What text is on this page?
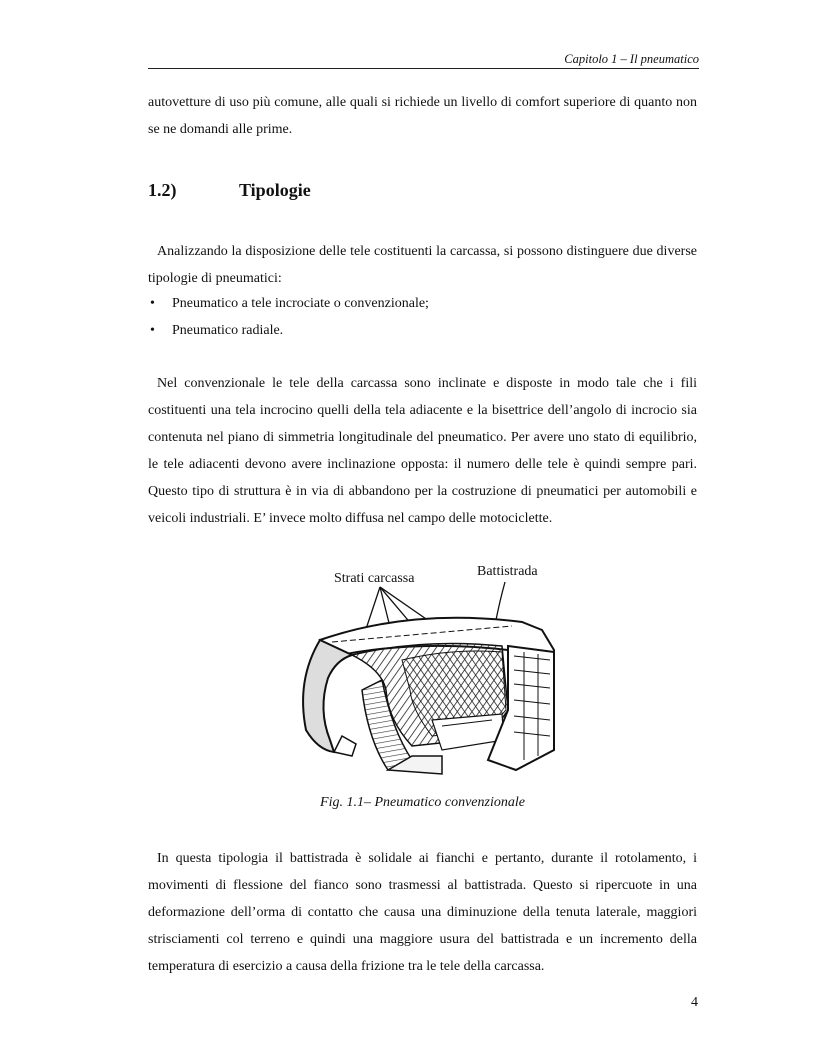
Capitolo 1 – Il pneumatico

autovetture di uso più comune, alle quali si richiede un livello di comfort superiore di quanto non se ne domandi alle prime.

1.2)	Tipologie

Analizzando la disposizione delle tele costituenti la carcassa, si possono distinguere due diverse tipologie di pneumatici:

• Pneumatico a tele incrociate o convenzionale;
• Pneumatico radiale.

Nel convenzionale le tele della carcassa sono inclinate e disposte in modo tale che i fili costituenti una tela incrocino quelli della tela adiacente e la bisettrice dell’angolo di incrocio sia contenuta nel piano di simmetria longitudinale del pneumatico. Per avere uno stato di equilibrio, le tele adiacenti devono avere inclinazione opposta: il numero delle tele è quindi sempre pari. Questo tipo di struttura è in via di abbandono per la costruzione di pneumatici per automobili e veicoli industriali. E’ invece molto diffusa nel campo delle motociclette.

Strati carcassa	Battistrada
Fig. 1.1– Pneumatico convenzionale

In questa tipologia il battistrada è solidale ai fianchi e pertanto, durante il rotolamento, i movimenti di flessione del fianco sono trasmessi al battistrada. Questo si ripercuote in una deformazione dell’orma di contatto che causa una diminuzione della tenuta laterale, maggiori strisciamenti col terreno e quindi una maggiore usura del battistrada e un incremento della temperatura di esercizio a causa della frizione tra le tele della carcassa.

4
